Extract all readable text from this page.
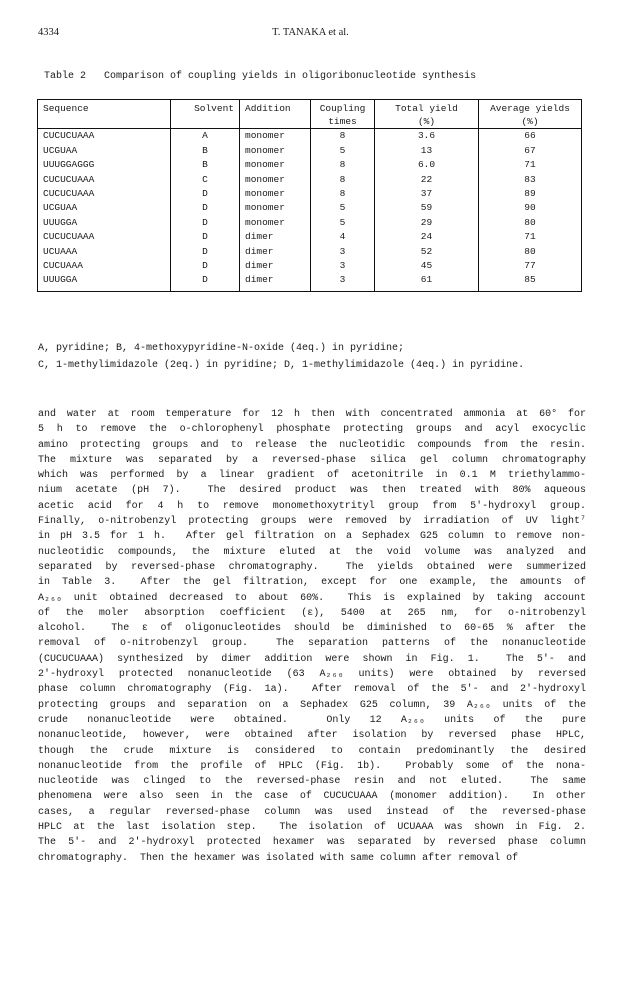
4334	T. TANAKA et al.
Table 2   Comparison of coupling yields in oligoribonucleotide synthesis
Sequence	Solvent	Addition	Coupling	Total yield	Average yields
			times	(%)	(%)
CUCUCUAAA	A	monomer	8	3.6	66
UCGUAA	B	monomer	5	13	67
UUUGGAGGG	B	monomer	8	6.0	71
CUCUCUAAA	C	monomer	8	22	83
CUCUCUAAA	D	monomer	8	37	89
UCGUAA	D	monomer	5	59	90
UUUGGA	D	monomer	5	29	80
CUCUCUAAA	D	dimer	4	24	71
UCUAAA	D	dimer	3	52	80
CUCUAAA	D	dimer	3	45	77
UUUGGA	D	dimer	3	61	85
A, pyridine; B, 4-methoxypyridine-N-oxide (4eq.) in pyridine;
C, 1-methylimidazole (2eq.) in pyridine; D, 1-methylimidazole (4eq.) in pyridine.
and water at room temperature for 12 h then with concentrated ammonia at 60° for
5 h to remove the o-chlorophenyl phosphate protecting groups and acyl exocyclic
amino protecting groups and to release the nucleotidic compounds from the resin.
The mixture was separated by a reversed-phase silica gel column chromatography
which was performed by a linear gradient of acetonitrile in 0.1 M triethylammo-
nium acetate (pH 7).  The desired product was then treated with 80% aqueous
acetic acid for 4 h to remove monomethoxytrityl group from 5'-hydroxyl group.
Finally, o-nitrobenzyl protecting groups were removed by irradiation of UV light⁷
in pH 3.5 for 1 h.  After gel filtration on a Sephadex G25 column to remove non-
nucleotidic compounds, the mixture eluted at the void volume was analyzed and
separated by reversed-phase chromatography.  The yields obtained were summerized
in Table 3.  After the gel filtration, except for one example, the amounts of
A₂₆₀ unit obtained decreased to about 60%.  This is explained by taking account
of the moler absorption coefficient (ε), 5400 at 265 nm, for o-nitrobenzyl
alcohol.  The ε of oligonucleotides should be diminished to 60-65 % after the
removal of o-nitrobenzyl group.  The separation patterns of the nonanucleotide
(CUCUCUAAA) synthesized by dimer addition were shown in Fig. 1.  The 5'- and
2'-hydroxyl protected nonanucleotide (63 A₂₆₀ units) were obtained by reversed
phase column chromatography (Fig. 1a).  After removal of the 5'- and 2'-hydroxyl
protecting groups and separation on a Sephadex G25 column, 39 A₂₆₀ units of the
crude nonanucleotide were obtained.  Only 12 A₂₆₀ units of the pure
nonanucleotide, however, were obtained after isolation by reversed phase HPLC,
though the crude mixture is considered to contain predominantly the desired
nonanucleotide from the profile of HPLC (Fig. 1b).  Probably some of the nona-
nucleotide was clinged to the reversed-phase resin and not eluted.  The same
phenomena were also seen in the case of CUCUCUAAA (monomer addition).  In other
cases, a regular reversed-phase column was used instead of the reversed-phase
HPLC at the last isolation step.  The isolation of UCUAAA was shown in Fig. 2.
The 5'- and 2'-hydroxyl protected hexamer was separated by reversed phase column
chromatography.  Then the hexamer was isolated with same column after removal of
